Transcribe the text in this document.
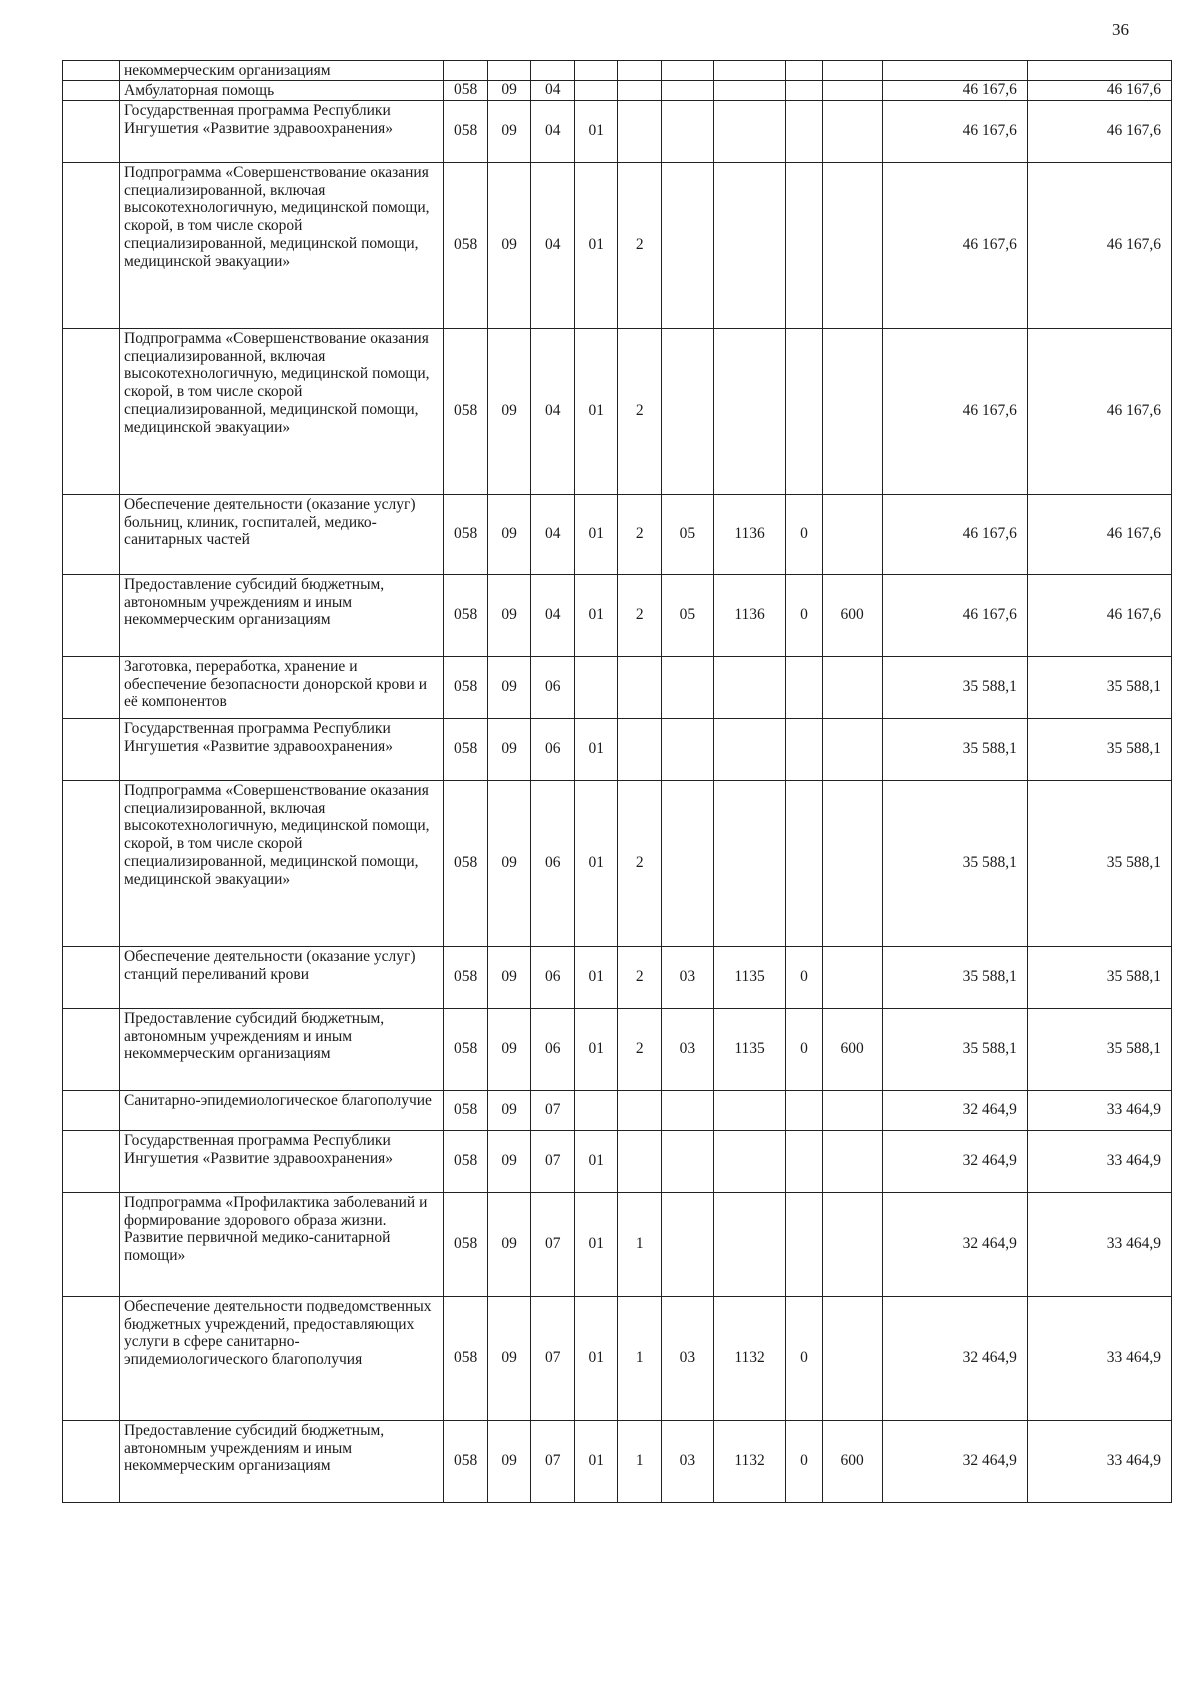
36
	некоммерческим организациям											
	Амбулаторная помощь	058	09	04							46 167,6	46 167,6
	Государственная программа Республики Ингушетия «Развитие здравоохранения»	058	09	04	01						46 167,6	46 167,6
	Подпрограмма «Совершенствование оказания специализированной, включая высокотехнологичную, медицинской помощи, скорой, в том числе скорой специализированной, медицинской помощи, медицинской эвакуации»	058	09	04	01	2					46 167,6	46 167,6
	Подпрограмма «Совершенствование оказания специализированной, включая высокотехнологичную, медицинской помощи, скорой, в том числе скорой специализированной, медицинской помощи, медицинской эвакуации»	058	09	04	01	2					46 167,6	46 167,6
	Обеспечение деятельности (оказание услуг) больниц, клиник, госпиталей, медико-санитарных частей	058	09	04	01	2	05	1136	0		46 167,6	46 167,6
	Предоставление субсидий бюджетным, автономным учреждениям и иным некоммерческим организациям	058	09	04	01	2	05	1136	0	600	46 167,6	46 167,6
	Заготовка, переработка, хранение и обеспечение безопасности донорской крови и её компонентов	058	09	06							35 588,1	35 588,1
	Государственная программа Республики Ингушетия «Развитие здравоохранения»	058	09	06	01						35 588,1	35 588,1
	Подпрограмма «Совершенствование оказания специализированной, включая высокотехнологичную, медицинской помощи, скорой, в том числе скорой специализированной, медицинской помощи, медицинской эвакуации»	058	09	06	01	2					35 588,1	35 588,1
	Обеспечение деятельности (оказание услуг) станций переливаний крови	058	09	06	01	2	03	1135	0		35 588,1	35 588,1
	Предоставление субсидий бюджетным, автономным учреждениям и иным некоммерческим организациям	058	09	06	01	2	03	1135	0	600	35 588,1	35 588,1
	Санитарно-эпидемиологическое благополучие	058	09	07							32 464,9	33 464,9
	Государственная программа Республики Ингушетия «Развитие здравоохранения»	058	09	07	01						32 464,9	33 464,9
	Подпрограмма «Профилактика заболеваний и формирование здорового образа жизни. Развитие первичной медико-санитарной помощи»	058	09	07	01	1					32 464,9	33 464,9
	Обеспечение деятельности подведомственных бюджетных учреждений, предоставляющих услуги в сфере санитарно-эпидемиологического благополучия	058	09	07	01	1	03	1132	0		32 464,9	33 464,9
	Предоставление субсидий бюджетным, автономным учреждениям и иным некоммерческим организациям	058	09	07	01	1	03	1132	0	600	32 464,9	33 464,9
